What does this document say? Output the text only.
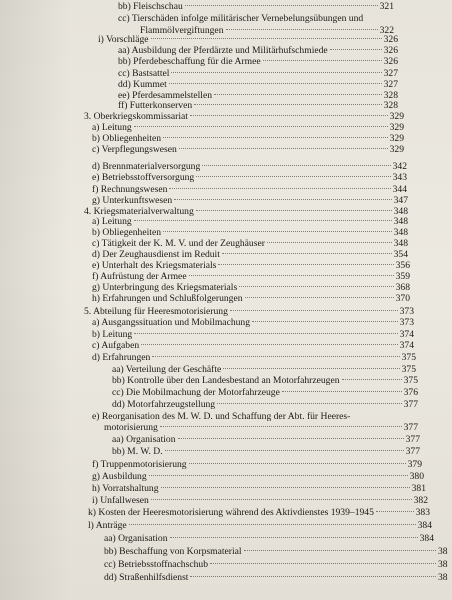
bb) Fleischschau	321
cc) Tierschäden infolge militärischer Vernebelungsübungen und
Flammölvergiftungen	322
i) Vorschläge	326
aa) Ausbildung der Pferdärzte und Militärhufschmiede	326
bb) Pferdebeschaffung für die Armee	326
cc) Bastsattel	327
dd) Kummet	327
ee) Pferdesammelstellen	328
ff) Futterkonserven	328
3. Oberkriegskommissariat	329
a) Leitung	329
b) Obliegenheiten	329
c) Verpflegungswesen	329
d) Brennmaterialversorgung	342
e) Betriebsstoffversorgung	343
f) Rechnungswesen	344
g) Unterkunftswesen	347
4. Kriegsmaterialverwaltung	348
a) Leitung	348
b) Obliegenheiten	348
c) Tätigkeit der K. M. V. und der Zeughäuser	348
d) Der Zeughausdienst im Reduit	354
e) Unterhalt des Kriegsmaterials	356
f) Aufrüstung der Armee	359
g) Unterbringung des Kriegsmaterials	368
h) Erfahrungen und Schlußfolgerungen	370
5. Abteilung für Heeresmotorisierung	373
a) Ausgangssituation und Mobilmachung	373
b) Leitung	374
c) Aufgaben	374
d) Erfahrungen	375
aa) Verteilung der Geschäfte	375
bb) Kontrolle über den Landesbestand an Motorfahrzeugen	375
cc) Die Mobilmachung der Motorfahrzeuge	376
dd) Motorfahrzeugstellung	377
e) Reorganisation des M. W. D. und Schaffung der Abt. für Heeres-
motorisierung	377
aa) Organisation	377
bb) M. W. D.	377
f) Truppenmotorisierung	379
g) Ausbildung	380
h) Vorratshaltung	381
i) Unfallwesen	382
k) Kosten der Heeresmotorisierung während des Aktivdienstes 1939–1945	383
l) Anträge	384
aa) Organisation	384
bb) Beschaffung von Korpsmaterial	38
cc) Betriebsstoffnachschub	38
dd) Straßenhilfsdienst	38
